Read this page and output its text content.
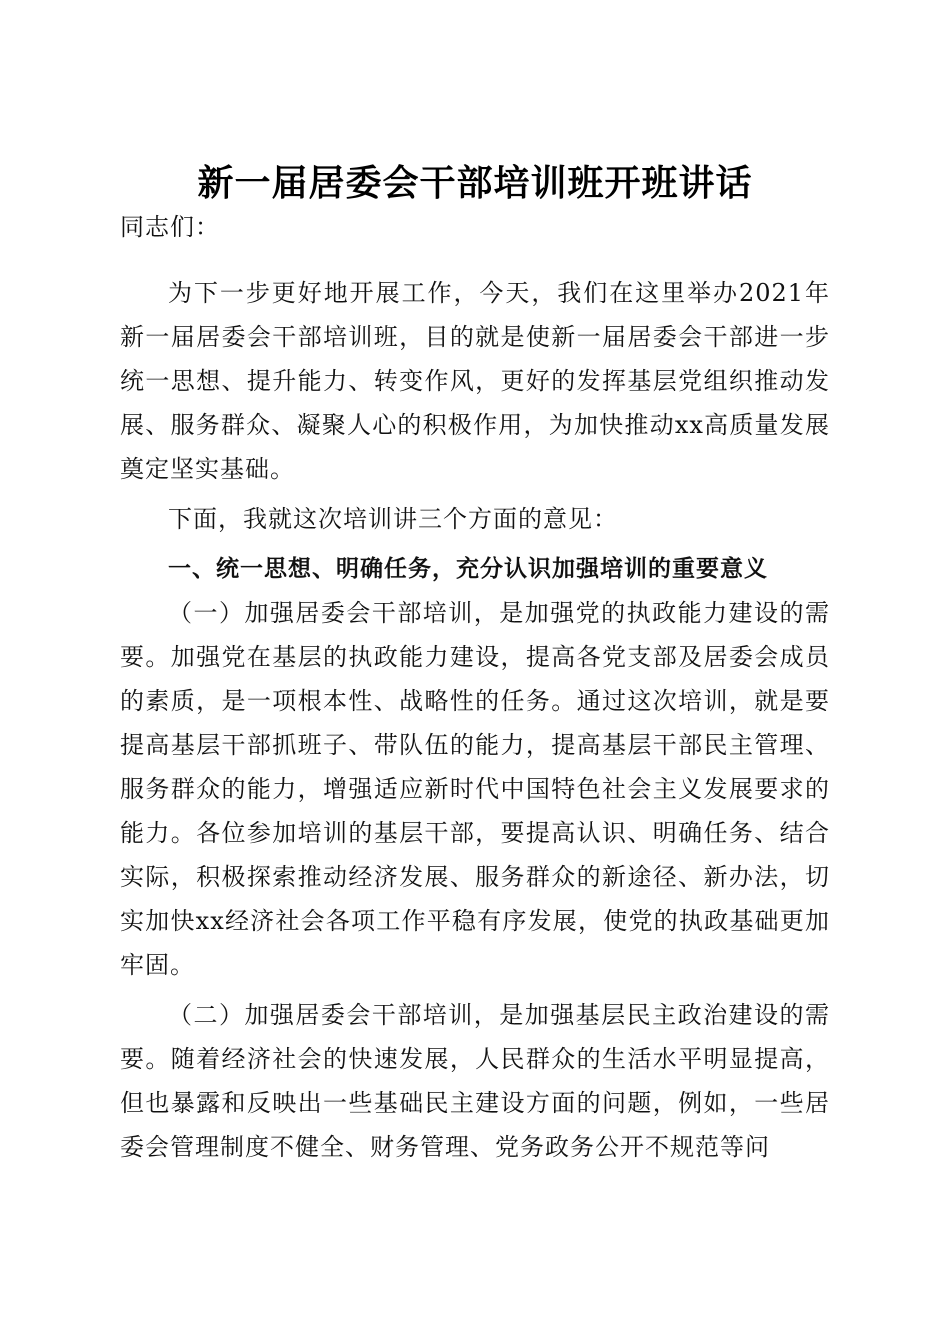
新一届居委会干部培训班开班讲话

同志们：

为下一步更好地开展工作，今天，我们在这里举办2021年新一届居委会干部培训班，目的就是使新一届居委会干部进一步统一思想、提升能力、转变作风，更好的发挥基层党组织推动发展、服务群众、凝聚人心的积极作用，为加快推动xx高质量发展奠定坚实基础。

下面，我就这次培训讲三个方面的意见：

一、统一思想、明确任务，充分认识加强培训的重要意义

（一）加强居委会干部培训，是加强党的执政能力建设的需要。加强党在基层的执政能力建设，提高各党支部及居委会成员的素质，是一项根本性、战略性的任务。通过这次培训，就是要提高基层干部抓班子、带队伍的能力，提高基层干部民主管理、服务群众的能力，增强适应新时代中国特色社会主义发展要求的能力。各位参加培训的基层干部，要提高认识、明确任务、结合实际，积极探索推动经济发展、服务群众的新途径、新办法，切实加快xx经济社会各项工作平稳有序发展，使党的执政基础更加牢固。

（二）加强居委会干部培训，是加强基层民主政治建设的需要。随着经济社会的快速发展，人民群众的生活水平明显提高，但也暴露和反映出一些基础民主建设方面的问题，例如，一些居委会管理制度不健全、财务管理、党务政务公开不规范等问
